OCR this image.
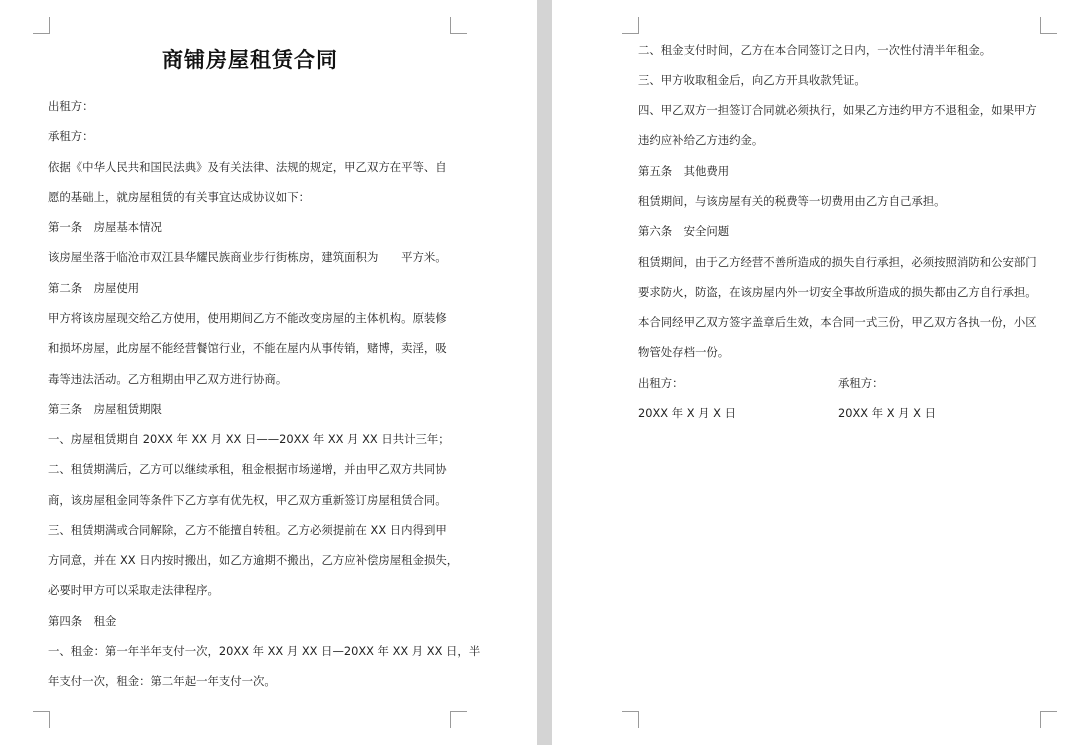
商铺房屋租赁合同
出租方：
承租方：
依据《中华人民共和国民法典》及有关法律、法规的规定，甲乙双方在平等、自
愿的基础上，就房屋租赁的有关事宜达成协议如下：
第一条　房屋基本情况
该房屋坐落于临沧市双江县华耀民族商业步行街栋房，建筑面积为　　平方米。
第二条　房屋使用
甲方将该房屋现交给乙方使用，使用期间乙方不能改变房屋的主体机构。原装修
和损坏房屋，此房屋不能经营餐馆行业，不能在屋内从事传销，赌博，卖淫，吸
毒等违法活动。乙方租期由甲乙双方进行协商。
第三条　房屋租赁期限
一、房屋租赁期自 20XX 年 XX 月 XX 日——20XX 年 XX 月 XX 日共计三年；
二、租赁期满后，乙方可以继续承租，租金根据市场递增，并由甲乙双方共同协
商，该房屋租金同等条件下乙方享有优先权，甲乙双方重新签订房屋租赁合同。
三、租赁期满或合同解除，乙方不能擅自转租。乙方必须提前在 XX 日内得到甲
方同意，并在 XX 日内按时搬出，如乙方逾期不搬出，乙方应补偿房屋租金损失，
必要时甲方可以采取走法律程序。
第四条　租金
一、租金：第一年半年支付一次，20XX 年 XX 月 XX 日—20XX 年 XX 月 XX 日，半
年支付一次，租金：第二年起一年支付一次。
二、租金支付时间，乙方在本合同签订之日内，一次性付清半年租金。
三、甲方收取租金后，向乙方开具收款凭证。
四、甲乙双方一担签订合同就必须执行，如果乙方违约甲方不退租金，如果甲方
违约应补给乙方违约金。
第五条　其他费用
租赁期间，与该房屋有关的税费等一切费用由乙方自己承担。
第六条　安全问题
租赁期间，由于乙方经营不善所造成的损失自行承担，必须按照消防和公安部门
要求防火，防盗，在该房屋内外一切安全事故所造成的损失都由乙方自行承担。
本合同经甲乙双方签字盖章后生效，本合同一式三份，甲乙双方各执一份，小区
物管处存档一份。
出租方：	承租方：
20XX 年 X 月 X 日	20XX 年 X 月 X 日
